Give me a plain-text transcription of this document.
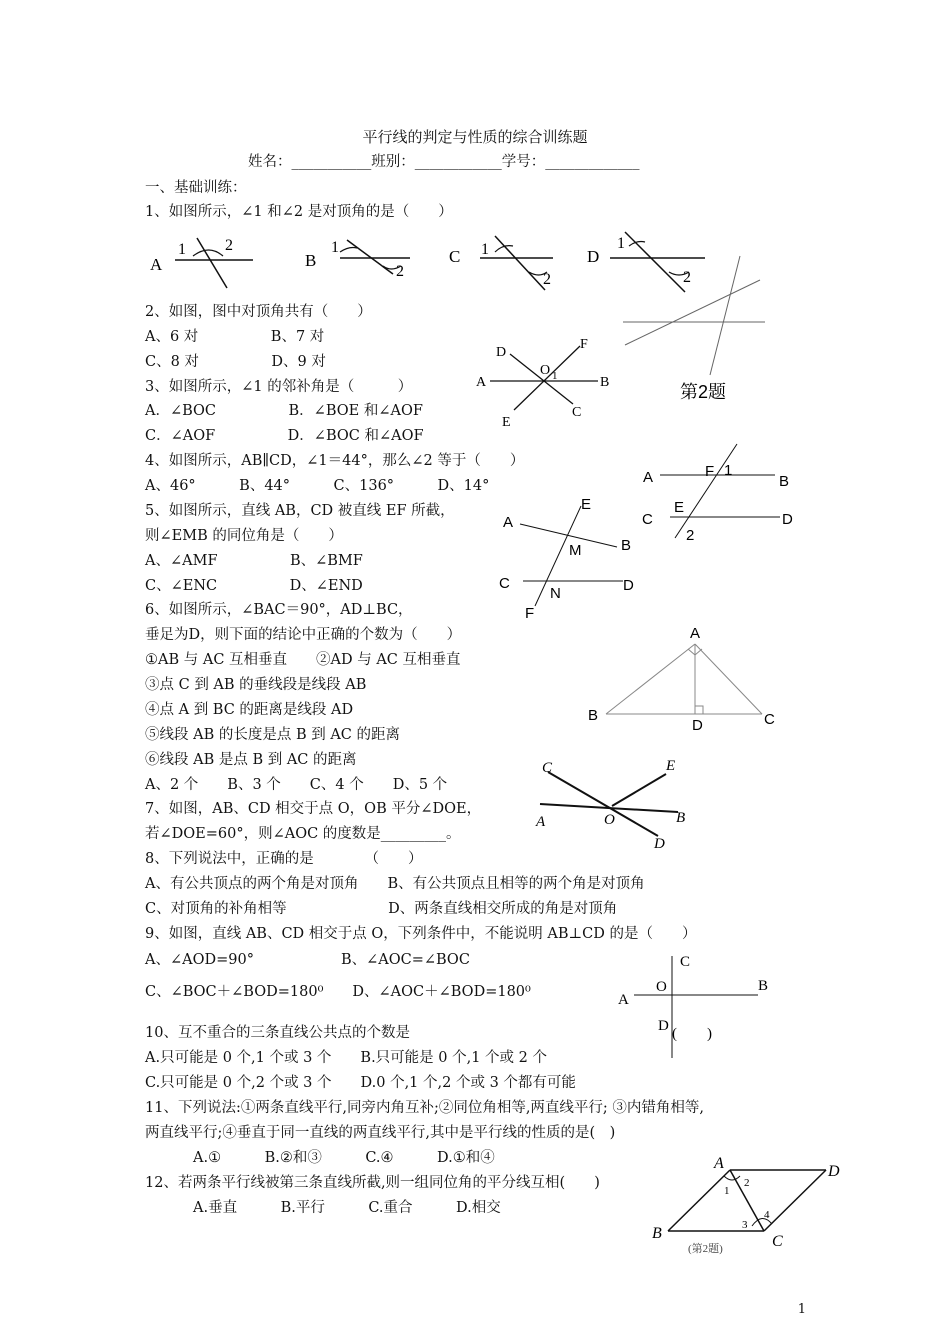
平行线的判定与性质的综合训练题
姓名：___________班别：____________学号：_____________
一、基础训练：
1、如图所示，∠1 和∠2 是对顶角的是（　　）
2、如图，图中对顶角共有（　　）
A、6 对　　　　　B、7 对
C、8 对　　　　　D、9 对
3、如图所示，∠1 的邻补角是（　　　）
A．∠BOC　　　　　B．∠BOE 和∠AOF
C．∠AOF　　　　　D．∠BOC 和∠AOF
4、如图所示，AB∥CD，∠1＝44°，那么∠2 等于（　　）
A、46°　　　B、44°　　　C、136°　　　D、14°
5、如图所示，直线 AB，CD 被直线 EF 所截，
则∠EMB 的同位角是（　　）
A、∠AMF　　　　　B、∠BMF
C、∠ENC　　　　　D、∠END
6、如图所示，∠BAC＝90°，AD⊥BC，
垂足为D，则下面的结论中正确的个数为（　　）
①AB 与 AC 互相垂直　　②AD 与 AC 互相垂直
③点 C 到 AB 的垂线段是线段 AB
④点 A 到 BC 的距离是线段 AD
⑤线段 AB 的长度是点 B 到 AC 的距离
⑥线段 AB 是点 B 到 AC 的距离
A、2 个　　B、3 个　　C、4 个　　D、5 个
7、如图，AB、CD 相交于点 O，OB 平分∠DOE，
若∠DOE=60°，则∠AOC 的度数是_________。
8、下列说法中，正确的是　　　　（　　）
A、有公共顶点的两个角是对顶角　　B、有公共顶点且相等的两个角是对顶角
C、对顶角的补角相等　　　　　　　D、两条直线相交所成的角是对顶角
9、如图，直线 AB、CD 相交于点 O，下列条件中，不能说明 AB⊥CD 的是（　　）
A、∠AOD=90°　　　　　　B、∠AOC=∠BOC
C、∠BOC＋∠BOD=180⁰　　D、∠AOC＋∠BOD=180⁰
10、互不重合的三条直线公共点的个数是
A.只可能是 0 个,1 个或 3 个　　B.只可能是 0 个,1 个或 2 个
C.只可能是 0 个,2 个或 3 个　　D.0 个,1 个,2 个或 3 个都有可能
11、下列说法:①两条直线平行,同旁内角互补;②同位角相等,两直线平行; ③内错角相等,
两直线平行;④垂直于同一直线的两直线平行,其中是平行线的性质的是(　)
A.①　　　B.②和③　　　C.④　　　D.①和④
12、若两条平行线被第三条直线所截,则一组同位角的平分线互相(　　)
A.垂直　　　B.平行　　　C.重合　　　D.相交
A
1 2
B
1
2
C 1
2
D
1
2
第2题
A	B
C
D
E
F
O 1
A	B
C	D
E
F 1
2
A
B
C	D
E
F
M
N
A
B	C
D
A	B
C
D
E
O
A
B
C
D
O
(　　)
A
B	C
D
1
2
3
4
(第2题)
1
